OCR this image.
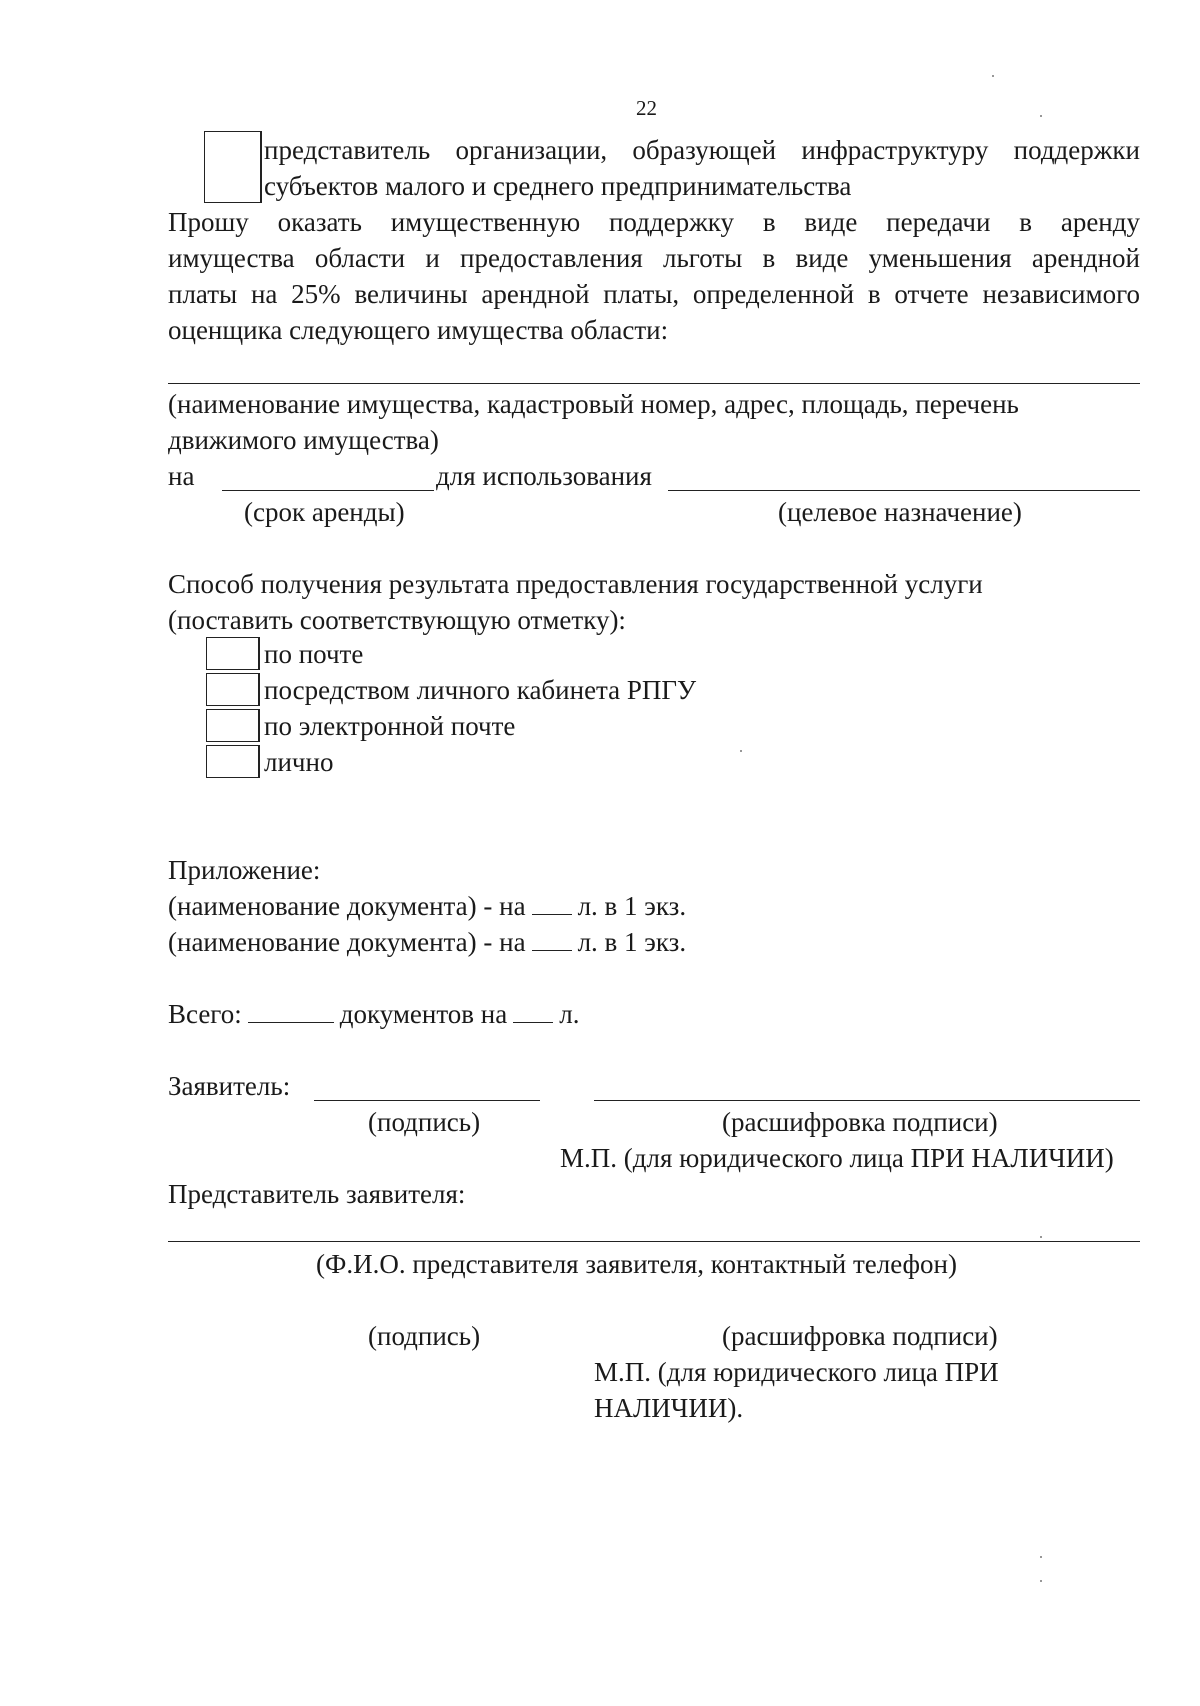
22
представитель организации, образующей инфраструктуру поддержки
субъектов малого и среднего предпринимательства
Прошу оказать имущественную поддержку в виде передачи в аренду
имущества области и предоставления льготы в виде уменьшения арендной
платы на 25% величины арендной платы, определенной в отчете независимого
оценщика следующего имущества области:
(наименование имущества, кадастровый номер, адрес, площадь, перечень
движимого имущества)
на	для использования
(срок аренды)	(целевое назначение)
Способ получения результата предоставления государственной услуги
(поставить соответствующую отметку):
по почте
посредством личного кабинета РПГУ
по электронной почте
лично
Приложение:
(наименование документа) - на л. в 1 экз.
(наименование документа) - на л. в 1 экз.
Всего:	документов на л.
Заявитель:
(подпись)	(расшифровка подписи)
М.П. (для юридического лица ПРИ НАЛИЧИИ)
Представитель заявителя:
(Ф.И.О. представителя заявителя, контактный телефон)
(подпись)	(расшифровка подписи)
М.П. (для юридического лица ПРИ
НАЛИЧИИ).
